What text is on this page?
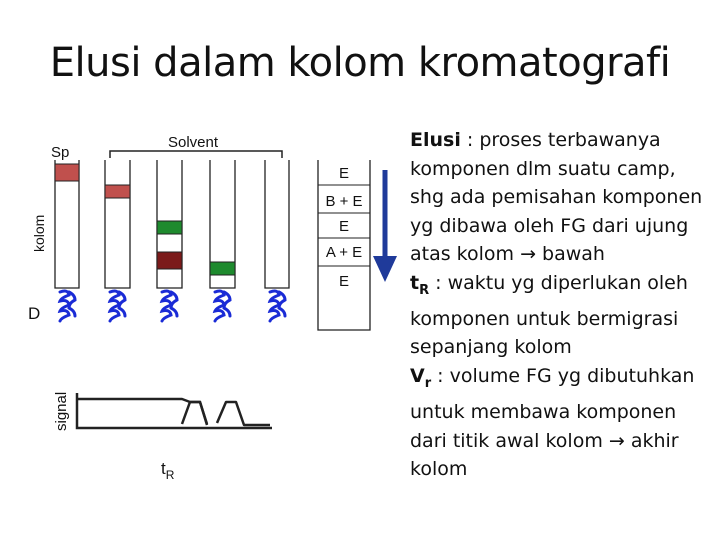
Elusi dalam kolom kromatografi
Sp
Solvent
kolom
D
signal
E
B + E
E
A + E
E
$t_R$

Elusi : proses terbawanya komponen dlm suatu camp, shg ada pemisahan komponen yg dibawa oleh FG dari ujung atas kolom → bawah

$t_R$ : waktu yg diperlukan oleh komponen untuk bermigrasi sepanjang kolom

$V_r$ : volume FG yg dibutuhkan untuk membawa komponen dari titik awal kolom → akhir kolom
